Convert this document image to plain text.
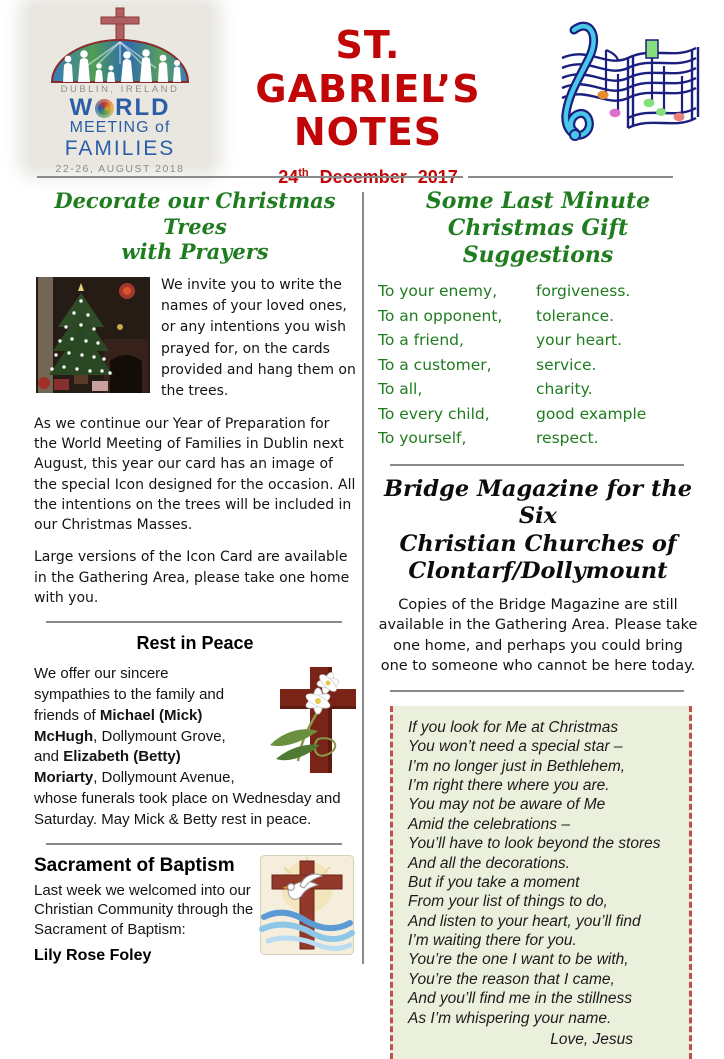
DUBLIN, IRELAND
W RLD
MEETING of
FAMILIES
22-26, AUGUST 2018
ST. GABRIEL’S
NOTES
24th December 2017
Decorate our Christmas Trees
with Prayers
We invite you to write the names of your loved ones, or any intentions you wish prayed for, on the cards provided and hang them on the trees.

As we continue our Year of Preparation for the World Meeting of Families in Dublin next August, this year our card has an image of the special Icon designed for the occasion. All the intentions on the trees will be included in our Christmas Masses.

Large versions of the Icon Card are available in the Gathering Area, please take one home with you.

Rest in Peace
We offer our sincere sympathies to the family and friends of Michael (Mick) McHugh, Dollymount Grove, and Elizabeth (Betty) Moriarty, Dollymount Avenue, whose funerals took place on Wednesday and Saturday. May Mick & Betty rest in peace.
Sacrament of Baptism
Last week we welcomed into our Christian Community through the Sacrament of Baptism:
Lily Rose Foley
Some Last Minute
Christmas Gift Suggestions
To your enemy,	forgiveness.
To an opponent,	tolerance.
To a friend,	your heart.
To a customer,	service.
To all,	charity.
To every child,	good example
To yourself,	respect.
Bridge Magazine for the Six
Christian Churches of
Clontarf/Dollymount

Copies of the Bridge Magazine are still available in the Gathering Area. Please take one home, and perhaps you could bring one to someone who cannot be here today.

If you look for Me at Christmas
You won’t need a special star –
I’m no longer just in Bethlehem,
I’m right there where you are.
You may not be aware of Me
Amid the celebrations –
You’ll have to look beyond the stores
And all the decorations.
But if you take a moment
From your list of things to do,
And listen to your heart, you’ll find
I’m waiting there for you.
You’re the one I want to be with,
You’re the reason that I came,
And you’ll find me in the stillness
As I’m whispering your name.
Love, Jesus
